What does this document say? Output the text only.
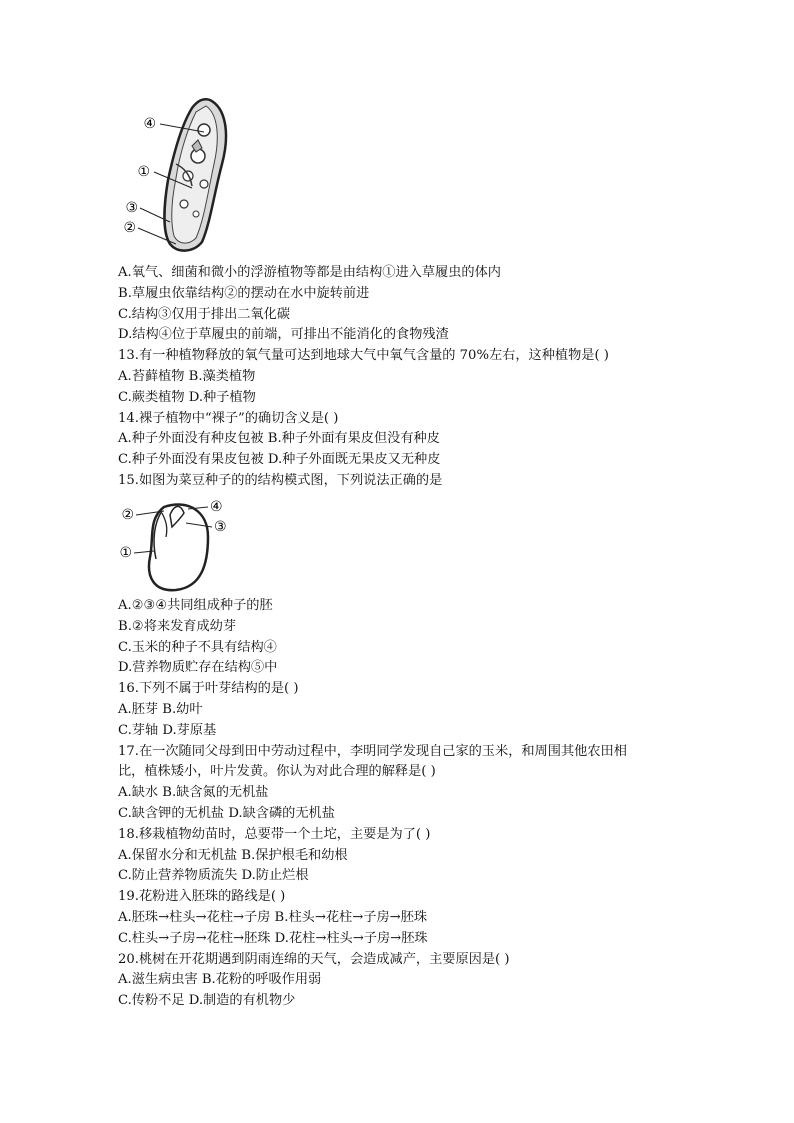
④
①
③
②
A.氧气、细菌和微小的浮游植物等都是由结构①进入草履虫的体内
B.草履虫依靠结构②的摆动在水中旋转前进
C.结构③仅用于排出二氧化碳
D.结构④位于草履虫的前端，可排出不能消化的食物残渣
13.有一种植物释放的氧气量可达到地球大气中氧气含量的 70%左右，这种植物是( )
A.苔藓植物 B.藻类植物
C.蕨类植物 D.种子植物
14.裸子植物中“裸子”的确切含义是( )
A.种子外面没有种皮包被 B.种子外面有果皮但没有种皮
C.种子外面没有果皮包被 D.种子外面既无果皮又无种皮
15.如图为菜豆种子的的结构模式图，下列说法正确的是
②	④
③
①
A.②③④共同组成种子的胚
B.②将来发育成幼芽
C.玉米的种子不具有结构④
D.营养物质贮存在结构⑤中
16.下列不属于叶芽结构的是( )
A.胚芽 B.幼叶
C.芽轴 D.芽原基
17.在一次随同父母到田中劳动过程中，李明同学发现自己家的玉米，和周围其他农田相
比，植株矮小，叶片发黄。你认为对此合理的解释是( )
A.缺水 B.缺含氮的无机盐
C.缺含钾的无机盐 D.缺含磷的无机盐
18.移栽植物幼苗时，总要带一个土坨，主要是为了( )
A.保留水分和无机盐 B.保护根毛和幼根
C.防止营养物质流失 D.防止烂根
19.花粉进入胚珠的路线是( )
A.胚珠→柱头→花柱→子房 B.柱头→花柱→子房→胚珠
C.柱头→子房→花柱→胚珠 D.花柱→柱头→子房→胚珠
20.桃树在开花期遇到阴雨连绵的天气，会造成减产，主要原因是( )
A.滋生病虫害 B.花粉的呼吸作用弱
C.传粉不足 D.制造的有机物少
